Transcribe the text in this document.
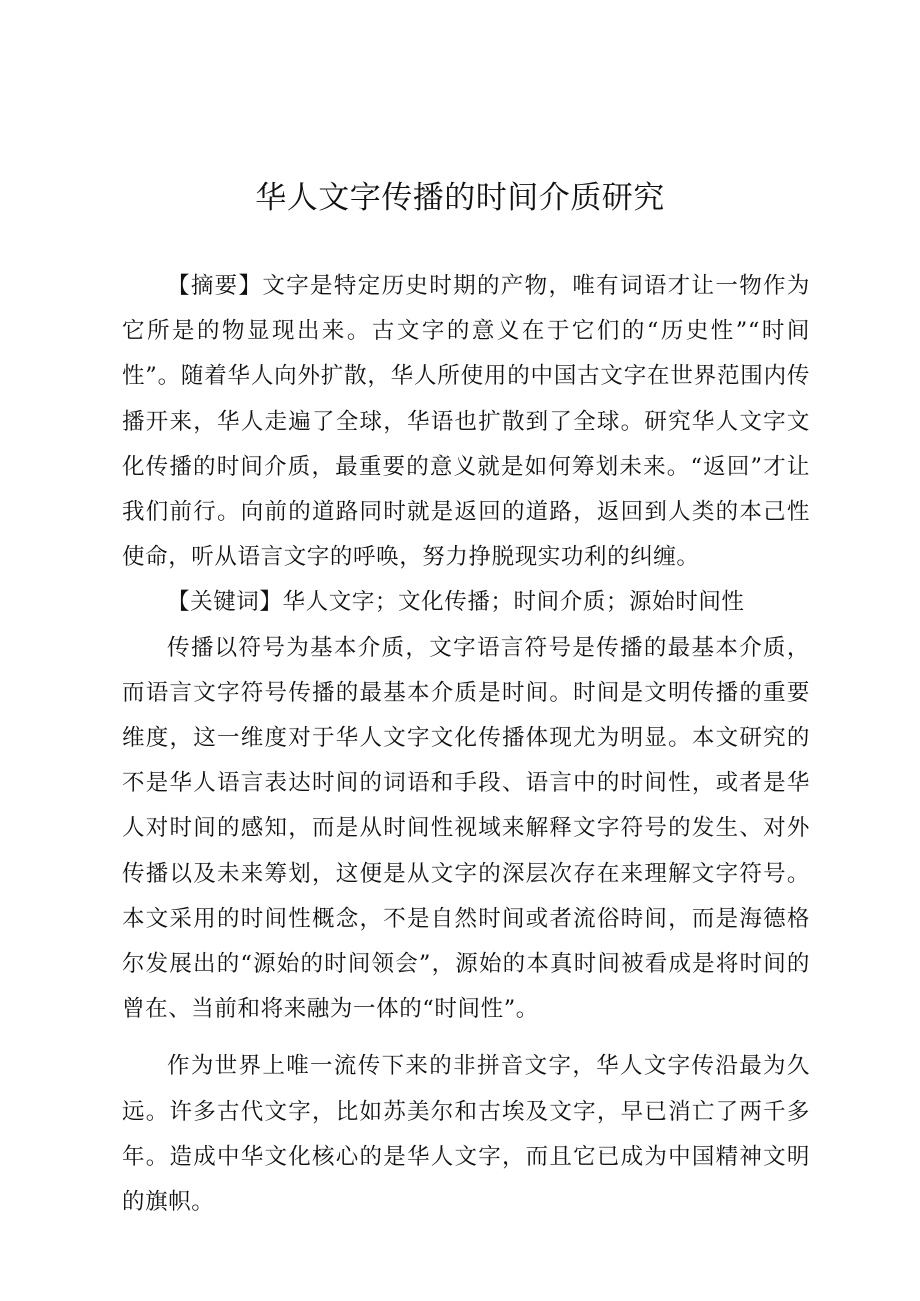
华人文字传播的时间介质研究

【摘要】文字是特定历史时期的产物，唯有词语才让一物作为它所是的物显现出来。古文字的意义在于它们的“历史性”“时间性”。随着华人向外扩散，华人所使用的中国古文字在世界范围内传播开来，华人走遍了全球，华语也扩散到了全球。研究华人文字文化传播的时间介质，最重要的意义就是如何筹划未来。“返回”才让我们前行。向前的道路同时就是返回的道路，返回到人类的本己性使命，听从语言文字的呼唤，努力挣脱现实功利的纠缠。

【关键词】华人文字；文化传播；时间介质；源始时间性

传播以符号为基本介质，文字语言符号是传播的最基本介质，而语言文字符号传播的最基本介质是时间。时间是文明传播的重要维度，这一维度对于华人文字文化传播体现尤为明显。本文研究的不是华人语言表达时间的词语和手段、语言中的时间性，或者是华人对时间的感知，而是从时间性视域来解释文字符号的发生、对外传播以及未来筹划，这便是从文字的深层次存在来理解文字符号。本文采用的时间性概念，不是自然时间或者流俗時间，而是海德格尔发展出的“源始的时间领会”，源始的本真时间被看成是将时间的曾在、当前和将来融为一体的“时间性”。

作为世界上唯一流传下来的非拼音文字，华人文字传沿最为久远。许多古代文字，比如苏美尔和古埃及文字，早已消亡了两千多年。造成中华文化核心的是华人文字，而且它已成为中国精神文明的旗帜。
